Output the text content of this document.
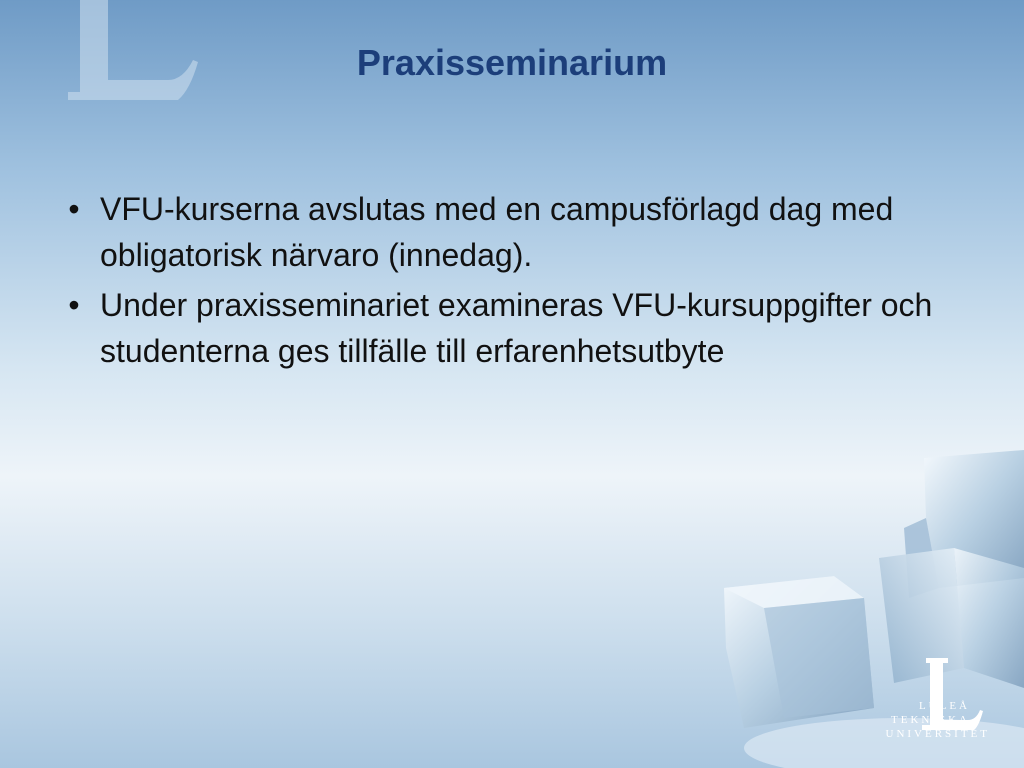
Praxisseminarium
• VFU-kurserna avslutas med en campusförlagd dag med obligatorisk närvaro (innedag).
• Under praxisseminariet examineras VFU-kursuppgifter och studenterna ges tillfälle till erfarenhetsutbyte
LULEÅ
TEKNISKA
UNIVERSITET
